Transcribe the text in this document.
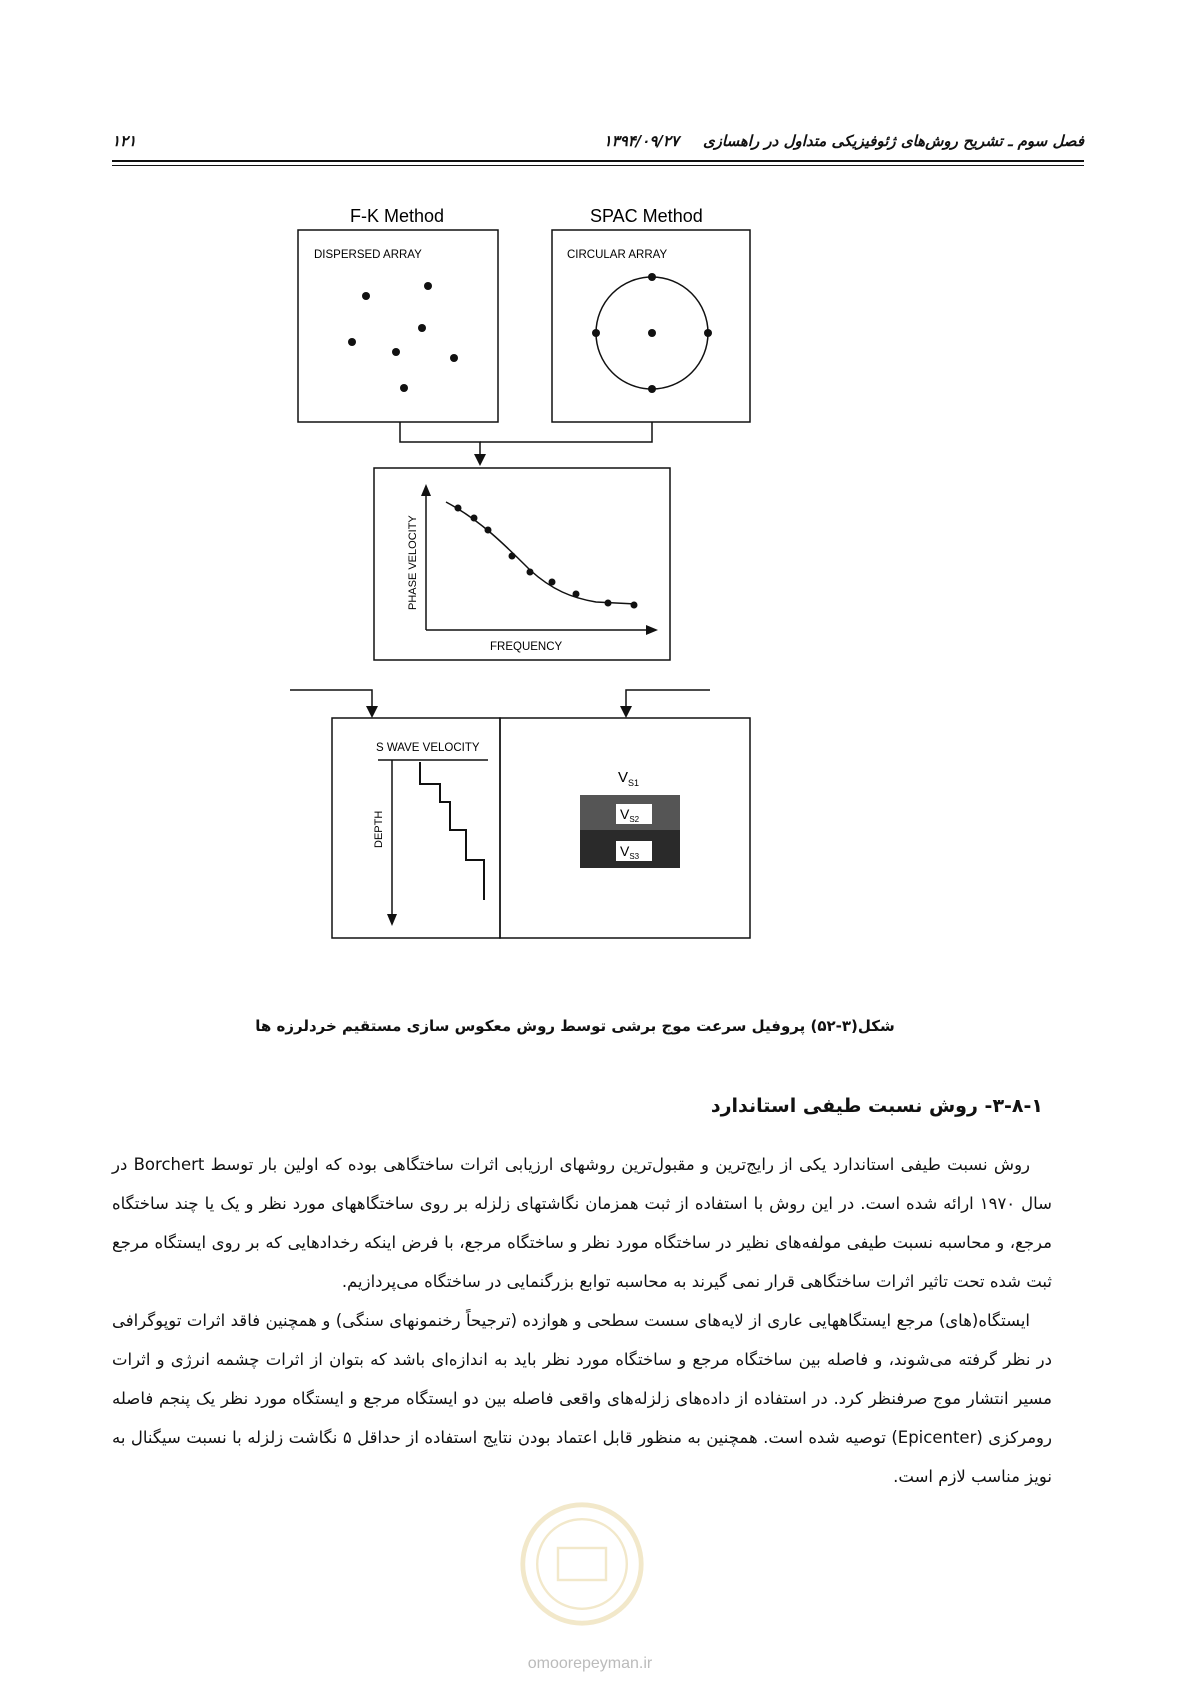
فصل سوم ـ تشریح روش‌های ژئوفیزیکی متداول در راهسازی
۱۳۹۴/۰۹/۲۷
۱۲۱
F-K Method	SPAC Method
DISPERSED ARRAY	CIRCULAR ARRAY
PHASE VELOCITY
FREQUENCY
S WAVE VELOCITY
DEPTH
$V_{S1}$
$V_{S2}$
$V_{S3}$
شکل(۳-۵۲) پروفیل سرعت موج برشی توسط روش معکوس سازی مستقیم خردلرزه ها
۳-۸-۱- روش نسبت طیفی استاندارد

روش نسبت طیفی استاندارد یکی از رایج‌ترین و مقبول‌ترین روشهای ارزیابی اثرات ساختگاهی بوده که اولین بار توسط Borchert در سال ۱۹۷۰ ارائه شده است. در این روش با استفاده از ثبت همزمان نگاشتهای زلزله بر روی ساختگاههای مورد نظر و یک یا چند ساختگاه مرجع، و محاسبه نسبت طیفی مولفه‌های نظیر در ساختگاه مورد نظر و ساختگاه مرجع، با فرض اینکه رخدادهایی که بر روی ایستگاه مرجع ثبت شده تحت تاثیر اثرات ساختگاهی قرار نمی گیرند به محاسبه توابع بزرگنمایی در ساختگاه می‌پردازیم.

ایستگاه(های) مرجع ایستگاههایی عاری از لایه‌های سست سطحی و هوازده (ترجیحاً رخنمونهای سنگی) و همچنین فاقد اثرات توپوگرافی در نظر گرفته می‌شوند، و فاصله بین ساختگاه مرجع و ساختگاه مورد نظر باید به اندازه‌ای باشد که بتوان از اثرات چشمه انرژی و اثرات مسیر انتشار موج صرفنظر کرد. در استفاده از داده‌های زلزله‌های واقعی فاصله بین دو ایستگاه مرجع و ایستگاه مورد نظر یک پنجم فاصله رومرکزی (Epicenter) توصیه شده است. همچنین به منظور قابل اعتماد بودن نتایج استفاده از حداقل ۵ نگاشت زلزله با نسبت سیگنال به نویز مناسب لازم است.

omoorepeyman.ir
